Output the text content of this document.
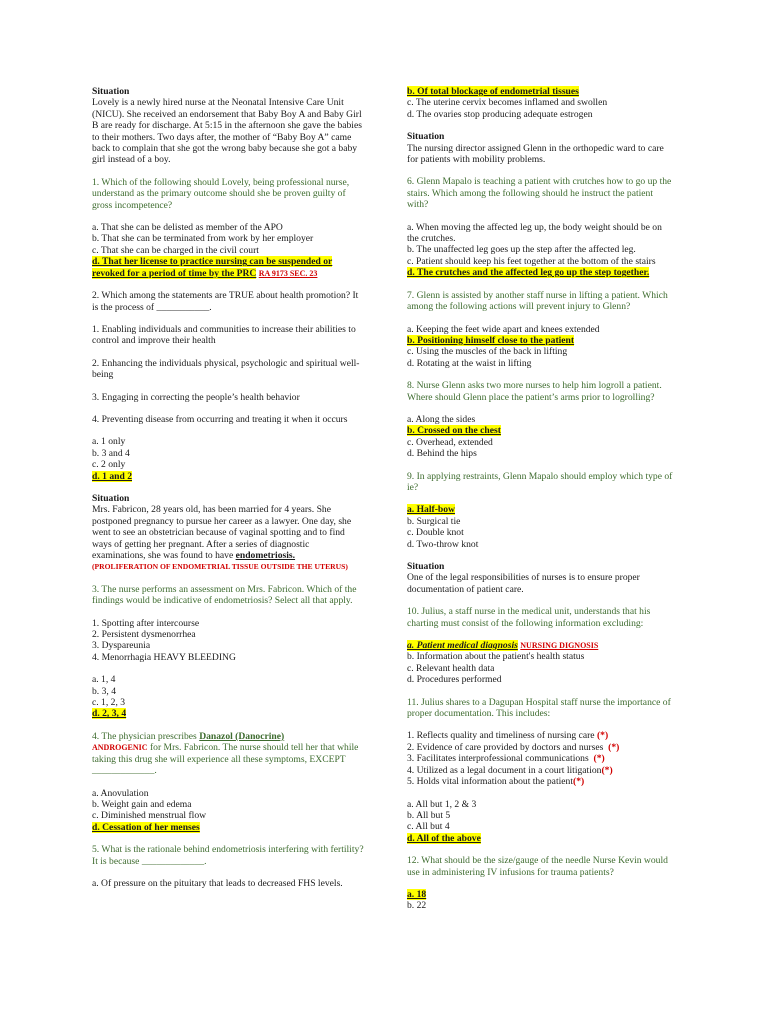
Situation

Lovely is a newly hired nurse at the Neonatal Intensive Care Unit (NICU). She received an endorsement that Baby Boy A and Baby Girl B are ready for discharge. At 5:15 in the afternoon she gave the babies to their mothers. Two days after, the mother of “Baby Boy A” came back to complain that she got the wrong baby because she got a baby girl instead of a boy.

1. Which of the following should Lovely, being professional nurse, understand as the primary outcome should she be proven guilty of gross incompetence?

a. That she can be delisted as member of the APO

b. That she can be terminated from work by her employer

c. That she can be charged in the civil court

d. That her license to practice nursing can be suspended or revoked for a period of time by the PRC RA 9173 SEC. 23

2. Which among the statements are TRUE about health promotion? It is the process of ___________.

1. Enabling individuals and communities to increase their abilities to control and improve their health

2. Enhancing the individuals physical, psychologic and spiritual well-being

3. Engaging in correcting the people’s health behavior

4. Preventing disease from occurring and treating it when it occurs

a. 1 only

b. 3 and 4

c. 2 only

d. 1 and 2

Situation

Mrs. Fabricon, 28 years old, has been married for 4 years. She postponed pregnancy to pursue her career as a lawyer. One day, she went to see an obstetrician because of vaginal spotting and to find ways of getting her pregnant. After a series of diagnostic examinations, she was found to have endometriosis.

(PROLIFERATION OF ENDOMETRIAL TISSUE OUTSIDE THE UTERUS)

3. The nurse performs an assessment on Mrs. Fabricon. Which of the findings would be indicative of endometriosis? Select all that apply.

1. Spotting after intercourse

2. Persistent dysmenorrhea

3. Dyspareunia

4. Menorrhagia HEAVY BLEEDING

a. 1, 4

b. 3, 4

c. 1, 2, 3

d. 2, 3, 4

4. The physician prescribes Danazol (Danocrine)
ANDROGENIC for Mrs. Fabricon. The nurse should tell her that while taking this drug she will experience all these symptoms, EXCEPT _____________.

a. Anovulation

b. Weight gain and edema

c. Diminished menstrual flow

d. Cessation of her menses

5. What is the rationale behind endometriosis interfering with fertility? It is because _____________.

a. Of pressure on the pituitary that leads to decreased FHS levels.

b. Of total blockage of endometrial tissues

c. The uterine cervix becomes inflamed and swollen

d. The ovaries stop producing adequate estrogen

Situation

The nursing director assigned Glenn in the orthopedic ward to care for patients with mobility problems.

6. Glenn Mapalo is teaching a patient with crutches how to go up the stairs. Which among the following should he instruct the patient with?

a. When moving the affected leg up, the body weight should be on the crutches.

b. The unaffected leg goes up the step after the affected leg.

c. Patient should keep his feet together at the bottom of the stairs

d. The crutches and the affected leg go up the step together.

7. Glenn is assisted by another staff nurse in lifting a patient. Which among the following actions will prevent injury to Glenn?

a. Keeping the feet wide apart and knees extended

b. Positioning himself close to the patient

c. Using the muscles of the back in lifting

d. Rotating at the waist in lifting

8. Nurse Glenn asks two more nurses to help him logroll a patient. Where should Glenn place the patient’s arms prior to logrolling?

a. Along the sides

b. Crossed on the chest

c. Overhead, extended

d. Behind the hips

9. In applying restraints, Glenn Mapalo should employ which type of ie?

a. Half-bow

b. Surgical tie

c. Double knot

d. Two-throw knot

Situation

One of the legal responsibilities of nurses is to ensure proper documentation of patient care.

10. Julius, a staff nurse in the medical unit, understands that his charting must consist of the following information excluding:

a. Patient medical diagnosis NURSING DIGNOSIS

b. Information about the patient's health status

c. Relevant health data

d. Procedures performed

11. Julius shares to a Dagupan Hospital staff nurse the importance of proper documentation. This includes:

1. Reflects quality and timeliness of nursing care (*)

2. Evidence of care provided by doctors and nurses (*)

3. Facilitates interprofessional communications (*)

4. Utilized as a legal document in a court litigation(*)

5. Holds vital information about the patient(*)

a. All but 1, 2 & 3

b. All but 5

c. All but 4

d. All of the above

12. What should be the size/gauge of the needle Nurse Kevin would use in administering IV infusions for trauma patients?

a. 18

b. 22
